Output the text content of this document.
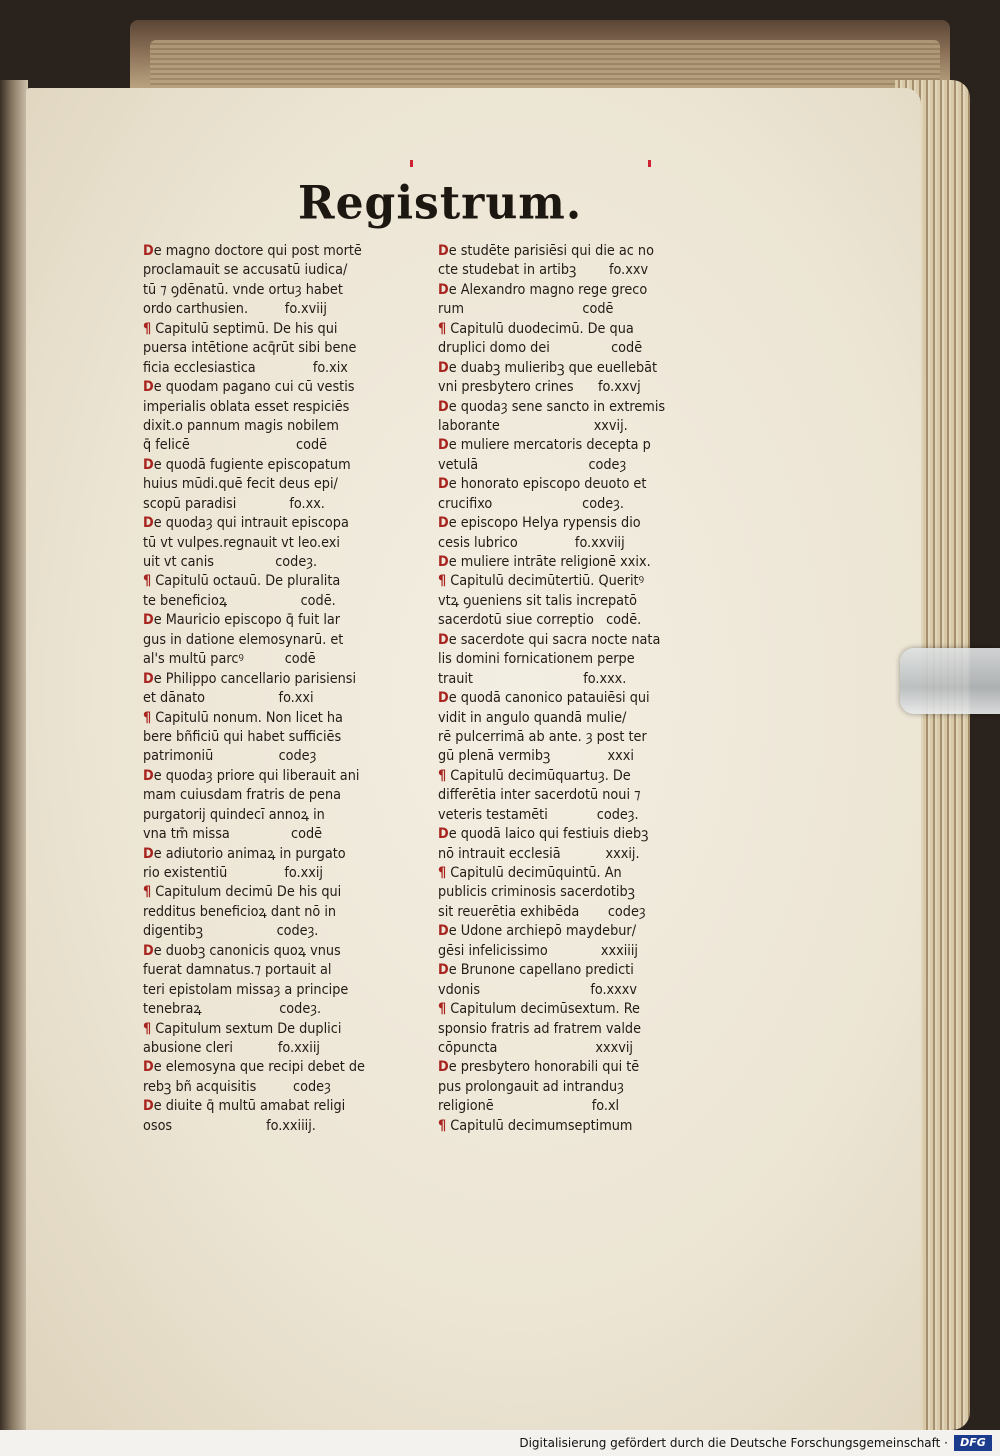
Registrum.
De magno doctore qui post mortē
proclamauit se accusatū iudica/
tū ⁊ ꝯdēnatū. vnde ortuȝ habet
ordo carthusien.         fo.xviij
¶ Capitulū septimū. De his qui
puersa intētione acq̄rūt sibi bene
ficia ecclesiastica              fo.xix
De quodam pagano cui cū vestis
imperialis oblata esset respiciēs
dixit.o pannum magis nobilem
q̄ felicē                          codē
De quodā fugiente episcopatum
huius mūdi.quē fecit deus epi/
scopū paradisi             fo.xx.
De quodaȝ qui intrauit episcopa
tū vt vulpes.regnauit vt leo.exi
uit vt canis               codeȝ.
¶ Capitulū octauū. De pluralita
te beneficioꝝ                  codē.
De Mauricio episcopo q̄ fuit lar
gus in datione elemosynarū. et
al's multū parcꝰ          codē
De Philippo cancellario parisiensi
et dānato                  fo.xxi
¶ Capitulū nonum. Non licet ha
bere bñficiū qui habet sufficiēs
patrimoniū                codeȝ
De quodaȝ priore qui liberauit ani
mam cuiusdam fratris de pena
purgatorij quindecī annoꝝ in
vna tm̄ missa               codē
De adiutorio animaꝝ in purgato
rio existentiū              fo.xxij
¶ Capitulum decimū De his qui
redditus beneficioꝝ dant nō in
digentibꝫ                  codeȝ.
De duobꝫ canonicis quoꝝ vnus
fuerat damnatus.⁊ portauit al
teri epistolam missaȝ a principe
tenebraꝝ                   codeȝ.
¶ Capitulum sextum De duplici
abusione cleri           fo.xxiij
De elemosyna que recipi debet de
rebꝫ bñ acquisitis         codeȝ
De diuite q̄ multū amabat religi
osos                       fo.xxiiij.
De studēte parisiēsi qui die ac no
cte studebat in artibꝫ        fo.xxv
De Alexandro magno rege greco
rum                             codē
¶ Capitulū duodecimū. De qua
druplici domo dei               codē
De duabꝫ mulieribꝫ que euellebāt
vni presbytero crines      fo.xxvj
De quodaȝ sene sancto in extremis
laborante                       xxvij.
De muliere mercatoris decepta p
vetulā                           codeȝ
De honorato episcopo deuoto et
crucifixo                      codeȝ.
De episcopo Helya rypensis dio
cesis lubrico              fo.xxviij
De muliere intrāte religionē xxix.
¶ Capitulū decimūtertiū. Queritꝰ
vtꝝ ꝯueniens sit talis increpatō
sacerdotū siue correptio   codē.
De sacerdote qui sacra nocte nata
lis domini fornicationem perpe
trauit                           fo.xxx.
De quodā canonico patauiēsi qui
vidit in angulo quandā mulie/
rē pulcerrimā ab ante. ȝ post ter
gū plenā vermibꝫ              xxxi
¶ Capitulū decimūquartuȝ. De
differētia inter sacerdotū noui ⁊
veteris testamēti            codeȝ.
De quodā laico qui festiuis diebꝫ
nō intrauit ecclesiā           xxxij.
¶ Capitulū decimūquintū. An
publicis criminosis sacerdotibꝫ
sit reuerētia exhibēda       codeȝ
De Udone archiepō maydebur/
gēsi infelicissimo             xxxiiij
De Brunone capellano predicti
vdonis                           fo.xxxv
¶ Capitulum decimūsextum. Re
sponsio fratris ad fratrem valde
cōpuncta                        xxxvij
De presbytero honorabili qui tē
pus prolongauit ad intranduȝ
religionē                        fo.xl
¶ Capitulū decimumseptimum
Digitalisierung gefördert durch die Deutsche Forschungsgemeinschaft ·	DFG
